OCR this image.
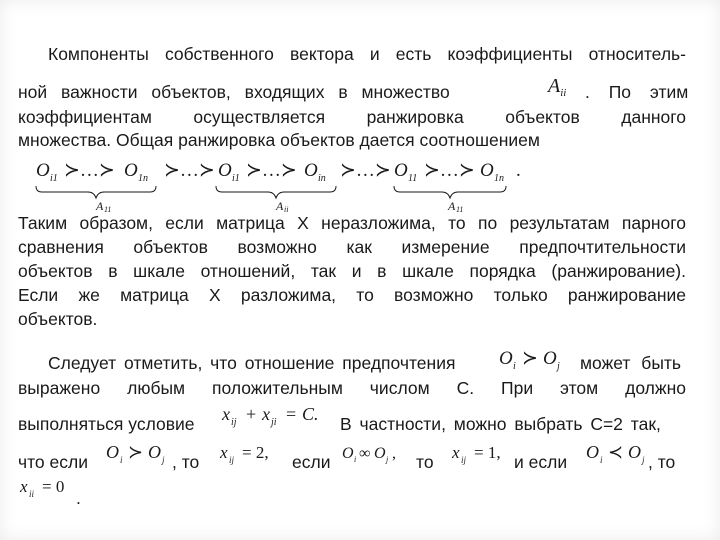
Компоненты собственного вектора и есть коэффициенты относитель-
ной важности объектов, входящих в множество	$A_{ii}$ . По этим
коэффициентам осуществляется ранжировка объектов данного
множества. Общая ранжировка объектов дается соотношением
O i1 ≻…≻ O 1n ≻…≻ O i1 ≻…≻ O in ≻…≻ O 11 ≻…≻ O 1n .
A 11	A ii	A 11
Таким образом, если матрица X неразложима, то по результатам парного
сравнения объектов возможно как измерение предпочтительности
объектов в шкале отношений, так и в шкале порядка (ранжирование).
Если же матрица X разложима, то возможно только ранжирование
объектов.
Следует отметить, что отношение предпочтения O i ≻ O j может быть
выражено любым положительным числом C. При этом должно
выполняться условие x ij + x ji = C. В частности, можно выбрать C=2 так,
что если O i ≻ O j , то x ij = 2, если O i ∞ O j , то x ij = 1, и если O i ≺ O j , то
x ii = 0
.
